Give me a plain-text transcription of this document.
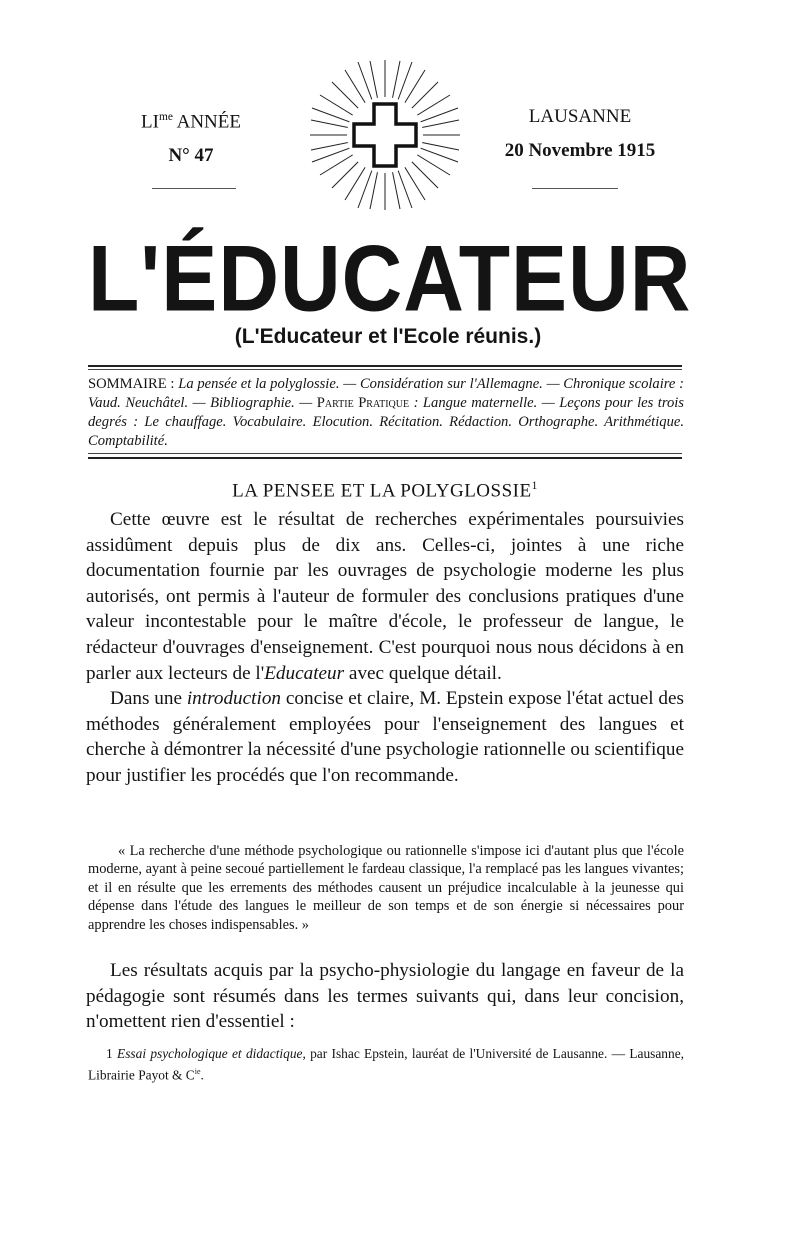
$LI^{me}$ ANNÉE
N° 47
LAUSANNE
20 Novembre 1915
L'ÉDUCATEUR
(L'Educateur et l'Ecole réunis.)
SOMMAIRE : La pensée et la polyglossie. — Considération sur l'Allemagne. — Chronique scolaire : Vaud. Neuchâtel. — Bibliographie. — Partie Pratique : Langue maternelle. — Leçons pour les trois degrés : Le chauffage. Vocabulaire. Elocution. Récitation. Rédaction. Orthographe. Arithmétique. Comptabilité.
LA PENSEE ET LA POLYGLOSSIE$^1$

Cette œuvre est le résultat de recherches expérimentales poursuivies assidûment depuis plus de dix ans. Celles-ci, jointes à une riche documentation fournie par les ouvrages de psychologie moderne les plus autorisés, ont permis à l'auteur de formuler des conclusions pratiques d'une valeur incontestable pour le maître d'école, le professeur de langue, le rédacteur d'ouvrages d'enseignement. C'est pourquoi nous nous décidons à en parler aux lecteurs de l'Educateur avec quelque détail.

Dans une introduction concise et claire, M. Epstein expose l'état actuel des méthodes généralement employées pour l'enseignement des langues et cherche à démontrer la nécessité d'une psychologie rationnelle ou scientifique pour justifier les procédés que l'on recommande.

« La recherche d'une méthode psychologique ou rationnelle s'impose ici d'autant plus que l'école moderne, ayant à peine secoué partiellement le fardeau classique, l'a remplacé pas les langues vivantes; et il en résulte que les errements des méthodes causent un préjudice incalculable à la jeunesse qui dépense dans l'étude des langues le meilleur de son temps et de son énergie si nécessaires pour apprendre les choses indispensables. »

Les résultats acquis par la psycho-physiologie du langage en faveur de la pédagogie sont résumés dans les termes suivants qui, dans leur concision, n'omettent rien d'essentiel :

1 Essai psychologique et didactique, par Ishac Epstein, lauréat de l'Université de Lausanne. — Lausanne, Librairie Payot & $C^{ie}$.
